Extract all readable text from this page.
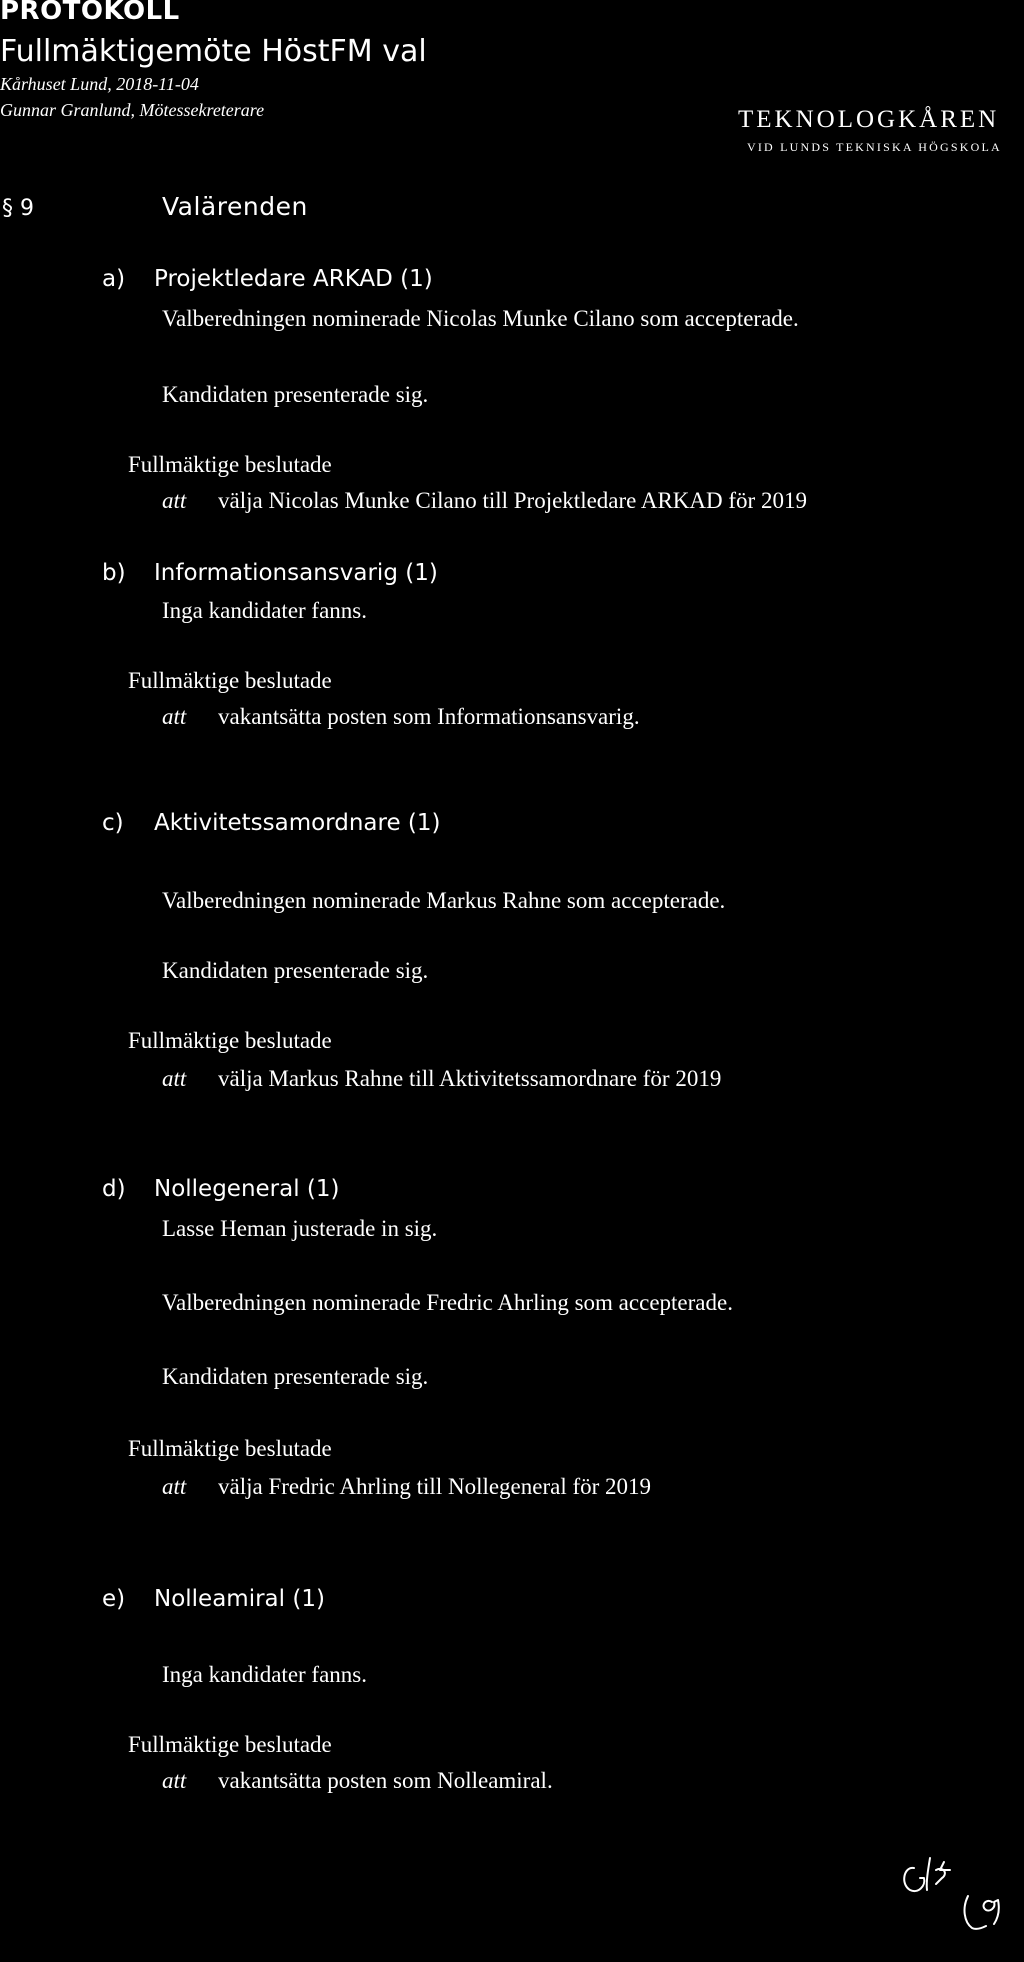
PROTOKOLL
Fullmäktigemöte HöstFM val
Kårhuset Lund, 2018-11-04
Gunnar Granlund, Mötessekreterare	TEKNOLOGKÅREN
VID LUNDS TEKNISKA HÖGSKOLA
§ 9	Valärenden
a) Projektledare ARKAD (1)
Valberedningen nominerade Nicolas Munke Cilano som accepterade.
Kandidaten presenterade sig.
Fullmäktige beslutade
att välja Nicolas Munke Cilano till Projektledare ARKAD för 2019
b) Informationsansvarig (1)
Inga kandidater fanns.
Fullmäktige beslutade
att vakantsätta posten som Informationsansvarig.
c) Aktivitetssamordnare (1)
Valberedningen nominerade Markus Rahne som accepterade.
Kandidaten presenterade sig.
Fullmäktige beslutade
att välja Markus Rahne till Aktivitetssamordnare för 2019
d) Nollegeneral (1)
Lasse Heman justerade in sig.
Valberedningen nominerade Fredric Ahrling som accepterade.
Kandidaten presenterade sig.
Fullmäktige beslutade
att välja Fredric Ahrling till Nollegeneral för 2019
e) Nolleamiral (1)
Inga kandidater fanns.
Fullmäktige beslutade
att vakantsätta posten som Nolleamiral.
